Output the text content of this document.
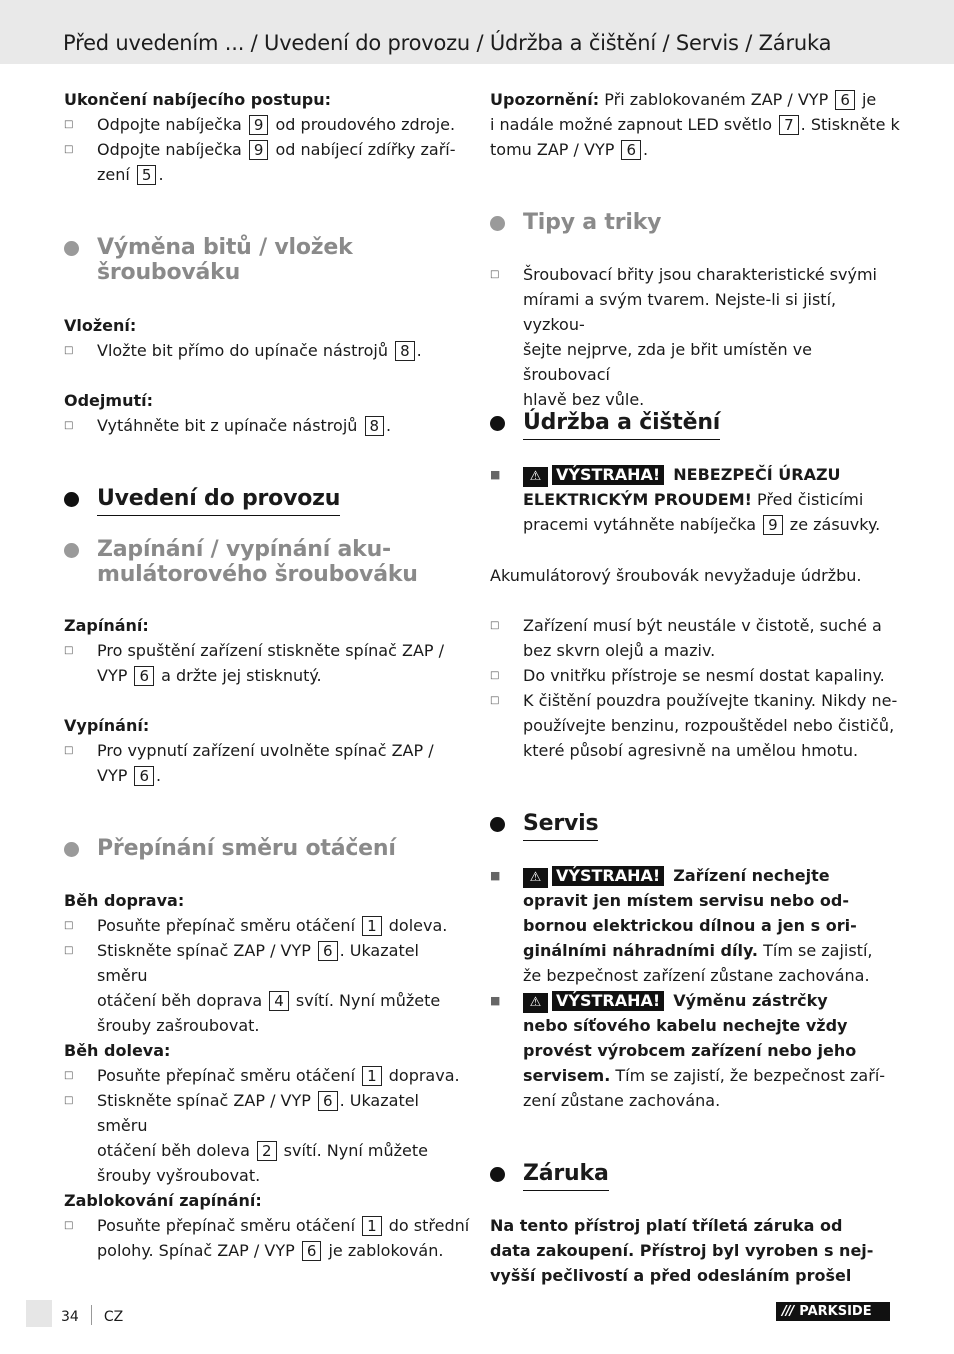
Před uvedením ... / Uvedení do provozu / Údržba a čištění / Servis / Záruka
Ukončení nabíjecího postupu:
□ Odpojte nabíječka 9 od proudového zdroje.
□ Odpojte nabíječka 9 od nabíjecí zdířky zaří-
zení 5 .
Výměna bitů / vložek
šroubováku
Vložení:
□ Vložte bit přímo do upínače nástrojů 8 .
Odejmutí:
□ Vytáhněte bit z upínače nástrojů 8 .
Uvedení do provozu
Zapínání / vypínání aku-
mulátorového šroubováku
Zapínání:
□ Pro spuštění zařízení stiskněte spínač ZAP /
VYP 6 a držte jej stisknutý.
Vypínání:
□ Pro vypnutí zařízení uvolněte spínač ZAP /
VYP 6 .
Přepínání směru otáčení
Běh doprava:
□ Posuňte přepínač směru otáčení 1 doleva.
□ Stiskněte spínač ZAP / VYP 6 . Ukazatel směru
otáčení běh doprava 4 svítí. Nyní můžete
šrouby zašroubovat.
Běh doleva:
□ Posuňte přepínač směru otáčení 1 doprava.
□ Stiskněte spínač ZAP / VYP 6 . Ukazatel směru
otáčení běh doleva 2 svítí. Nyní můžete
šrouby vyšroubovat.
Zablokování zapínání:
□ Posuňte přepínač směru otáčení 1 do střední
polohy. Spínač ZAP / VYP 6 je zablokován.
Upozornění: Při zablokovaném ZAP / VYP 6 je
i nadále možné zapnout LED světlo 7 . Stiskněte k
tomu ZAP / VYP 6 .
Tipy a triky
□ Šroubovací břity jsou charakteristické svými
mírami a svým tvarem. Nejste-li si jistí, vyzkou-
šejte nejprve, zda je břit umístěn ve šroubovací
hlavě bez vůle.
Údržba a čištění
■ ⚠ VÝSTRAHA! NEBEZPEČÍ ÚRAZU
ELEKTRICKÝM PROUDEM! Před čisticími
pracemi vytáhněte nabíječka 9 ze zásuvky.
Akumulátorový šroubovák nevyžaduje údržbu.
□ Zařízení musí být neustále v čistotě, suché a
bez skvrn olejů a maziv.
□ Do vnitřku přístroje se nesmí dostat kapaliny.
□ K čištění pouzdra používejte tkaniny. Nikdy ne-
používejte benzinu, rozpouštědel nebo čističů,
které působí agresivně na umělou hmotu.
Servis
■ ⚠ VÝSTRAHA! Zařízení nechejte
opravit jen místem servisu nebo od-
bornou elektrickou dílnou a jen s ori-
ginálními náhradními díly. Tím se zajistí,
že bezpečnost zařízení zůstane zachována.
■ ⚠ VÝSTRAHA! Výměnu zástrčky
nebo síťového kabelu nechejte vždy
provést výrobcem zařízení nebo jeho
servisem. Tím se zajistí, že bezpečnost zaří-
zení zůstane zachována.
Záruka
Na tento přístroj platí tříletá záruka od
data zakoupení. Přístroj byl vyroben s nej-
vyšší pečlivostí a před odesláním prošel
34 CZ	/// PARKSIDE
